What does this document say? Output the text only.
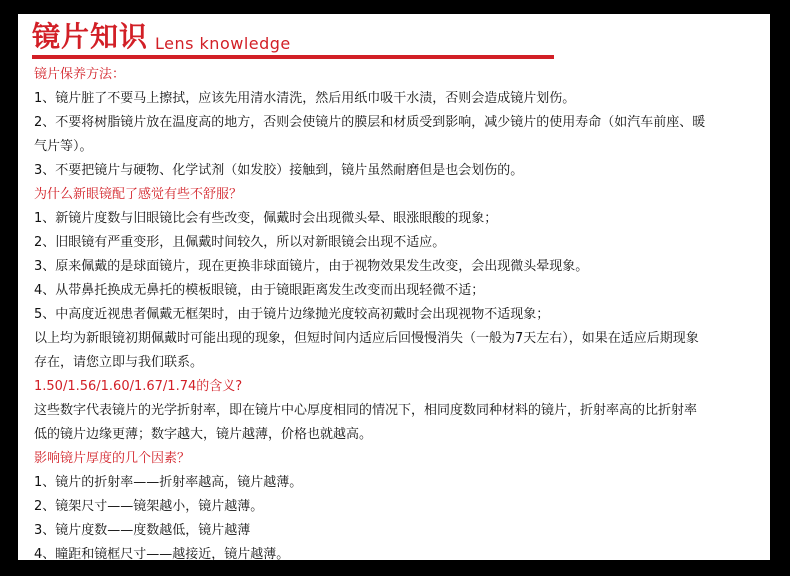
镜片知识 Lens knowledge
镜片保养方法：
1、镜片脏了不要马上擦拭，应该先用清水清洗，然后用纸巾吸干水渍，否则会造成镜片划伤。
2、不要将树脂镜片放在温度高的地方，否则会使镜片的膜层和材质受到影响，减少镜片的使用寿命（如汽车前座、暖
气片等）。
3、不要把镜片与硬物、化学试剂（如发胶）接触到，镜片虽然耐磨但是也会划伤的。
为什么新眼镜配了感觉有些不舒服？
1、新镜片度数与旧眼镜比会有些改变，佩戴时会出现微头晕、眼涨眼酸的现象；
2、旧眼镜有严重变形，且佩戴时间较久，所以对新眼镜会出现不适应。
3、原来佩戴的是球面镜片，现在更换非球面镜片，由于视物效果发生改变，会出现微头晕现象。
4、从带鼻托换成无鼻托的模板眼镜，由于镜眼距离发生改变而出现轻微不适；
5、中高度近视患者佩戴无框架时，由于镜片边缘抛光度较高初戴时会出现视物不适现象；
以上均为新眼镜初期佩戴时可能出现的现象，但短时间内适应后回慢慢消失（一般为7天左右），如果在适应后期现象
存在，请您立即与我们联系。
1.50/1.56/1.60/1.67/1.74的含义?
这些数字代表镜片的光学折射率，即在镜片中心厚度相同的情况下，相同度数同种材料的镜片，折射率高的比折射率
低的镜片边缘更薄；数字越大，镜片越薄，价格也就越高。
影响镜片厚度的几个因素？
1、镜片的折射率——折射率越高，镜片越薄。
2、镜架尺寸——镜架越小，镜片越薄。
3、镜片度数——度数越低，镜片越薄
4、瞳距和镜框尺寸——越接近，镜片越薄。
